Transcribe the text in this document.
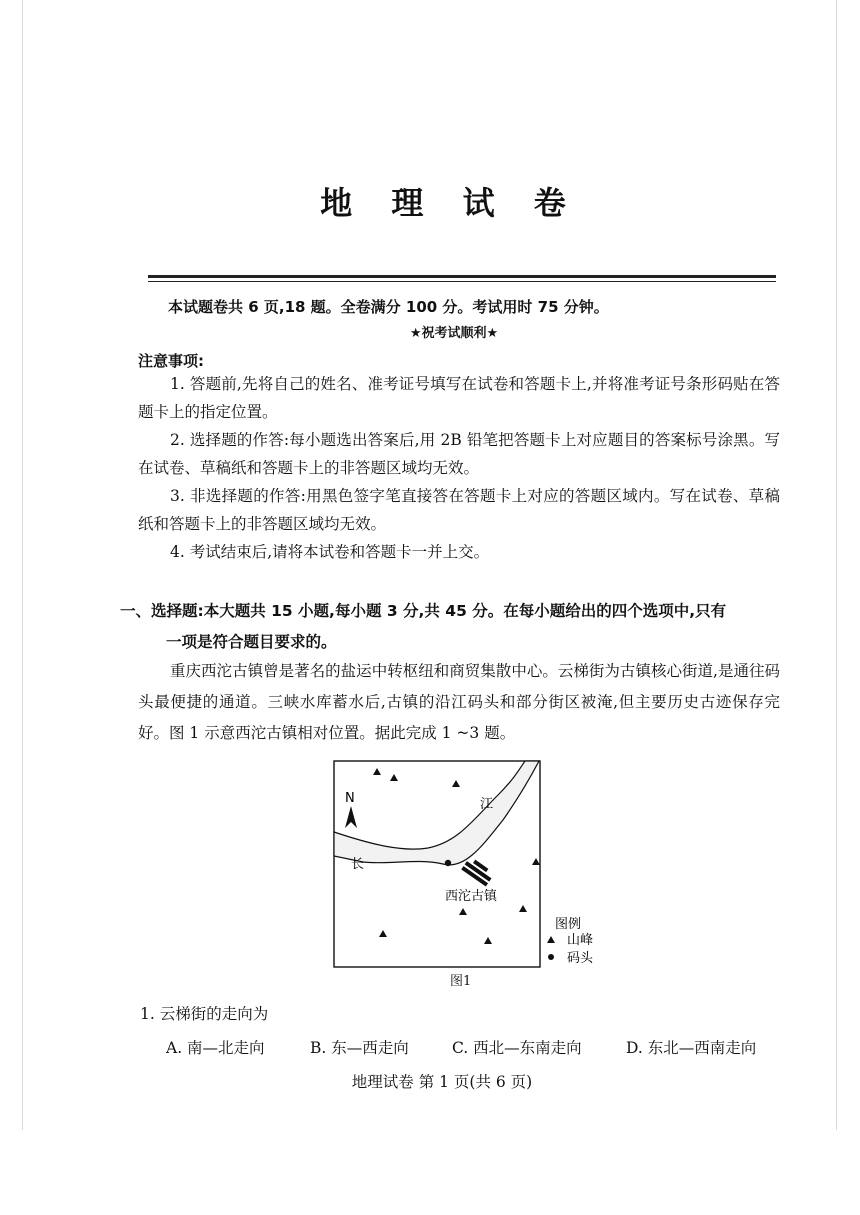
地 理 试 卷
本试题卷共 6 页,18 题。全卷满分 100 分。考试用时 75 分钟。
★祝考试顺利★
注意事项:
1. 答题前,先将自己的姓名、准考证号填写在试卷和答题卡上,并将准考证号条形码贴在答题卡上的指定位置。
2. 选择题的作答:每小题选出答案后,用 2B 铅笔把答题卡上对应题目的答案标号涂黑。写在试卷、草稿纸和答题卡上的非答题区域均无效。
3. 非选择题的作答:用黑色签字笔直接答在答题卡上对应的答题区域内。写在试卷、草稿纸和答题卡上的非答题区域均无效。
4. 考试结束后,请将本试卷和答题卡一并上交。
一、选择题:本大题共 15 小题,每小题 3 分,共 45 分。在每小题给出的四个选项中,只有
一项是符合题目要求的。
重庆西沱古镇曾是著名的盐运中转枢纽和商贸集散中心。云梯街为古镇核心街道,是通往码头最便捷的通道。三峡水库蓄水后,古镇的沿江码头和部分街区被淹,但主要历史古迹保存完好。图 1 示意西沱古镇相对位置。据此完成 1 ~3 题。
N	江
长
西沱古镇
图例
山峰
码头
图1
1. 云梯街的走向为
A. 南—北走向	B. 东—西走向	C. 西北—东南走向	D. 东北—西南走向
地理试卷 第 1 页(共 6 页)
